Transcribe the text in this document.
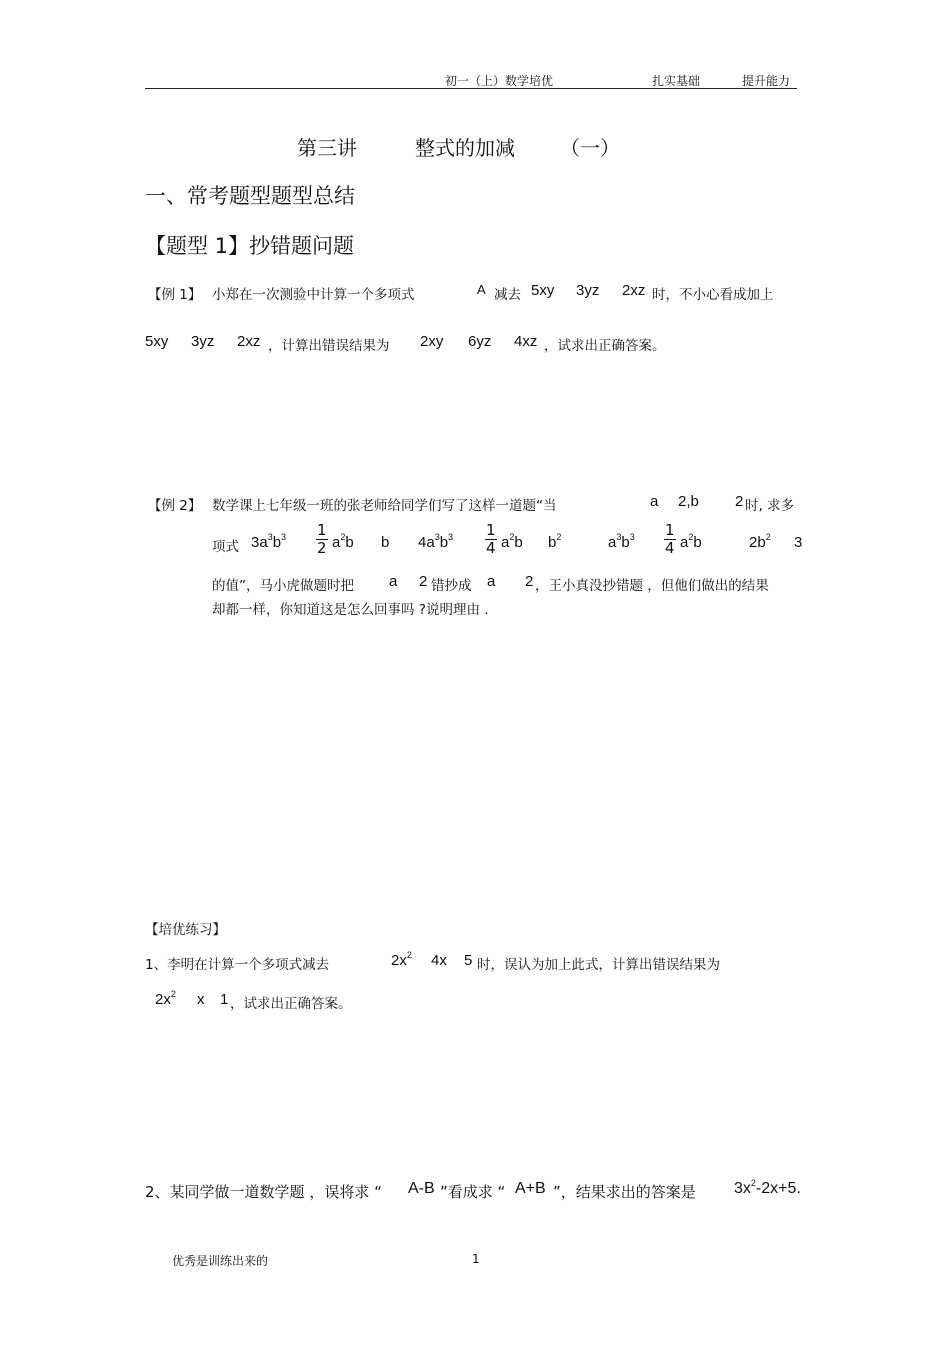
初一（上）数学培优	扎实基础	提升能力
第三讲	整式的加减 （一）
一、常考题型题型总结
【题型 1】抄错题问题
【例 1】 小郑在一次测验中计算一个多项式	A 减去 5xy 3yz 2xz 时，不小心看成加上
5xy 3yz 2xz ，计算出错误结果为 2xy 6yz 4xz ，试求出正确答案。
【例 2】 数学课上七年级一班的张老师给同学们写了这样一道题“当	a 2,b 2 时, 求多
项式 $3a^3b^3 \frac{1}{2} a^2b$ b $4a^3b^3 \frac{1}{4} a^2b$ $b^2$	$a^3b^3 \frac{1}{4} a^2b$	$2b^2$ 3
的值”，马小虎做题时把 a 2 错抄成 a 2 ，王小真没抄错题 ，但他们做出的结果
却都一样，你知道这是怎么回事吗 ?说明理由 .
【培优练习】
1、李明在计算一个多项式减去	$2x^2$ 4x 5 时，误认为加上此式，计算出错误结果为
$2x^2$ x 1 ，试求出正确答案。
2、某同学做一道数学题 ，误将求 “ A-B ”看成求 “ A+B ”，结果求出的答案是 $3x^2-2x+5$.
优秀是训练出来的	1
